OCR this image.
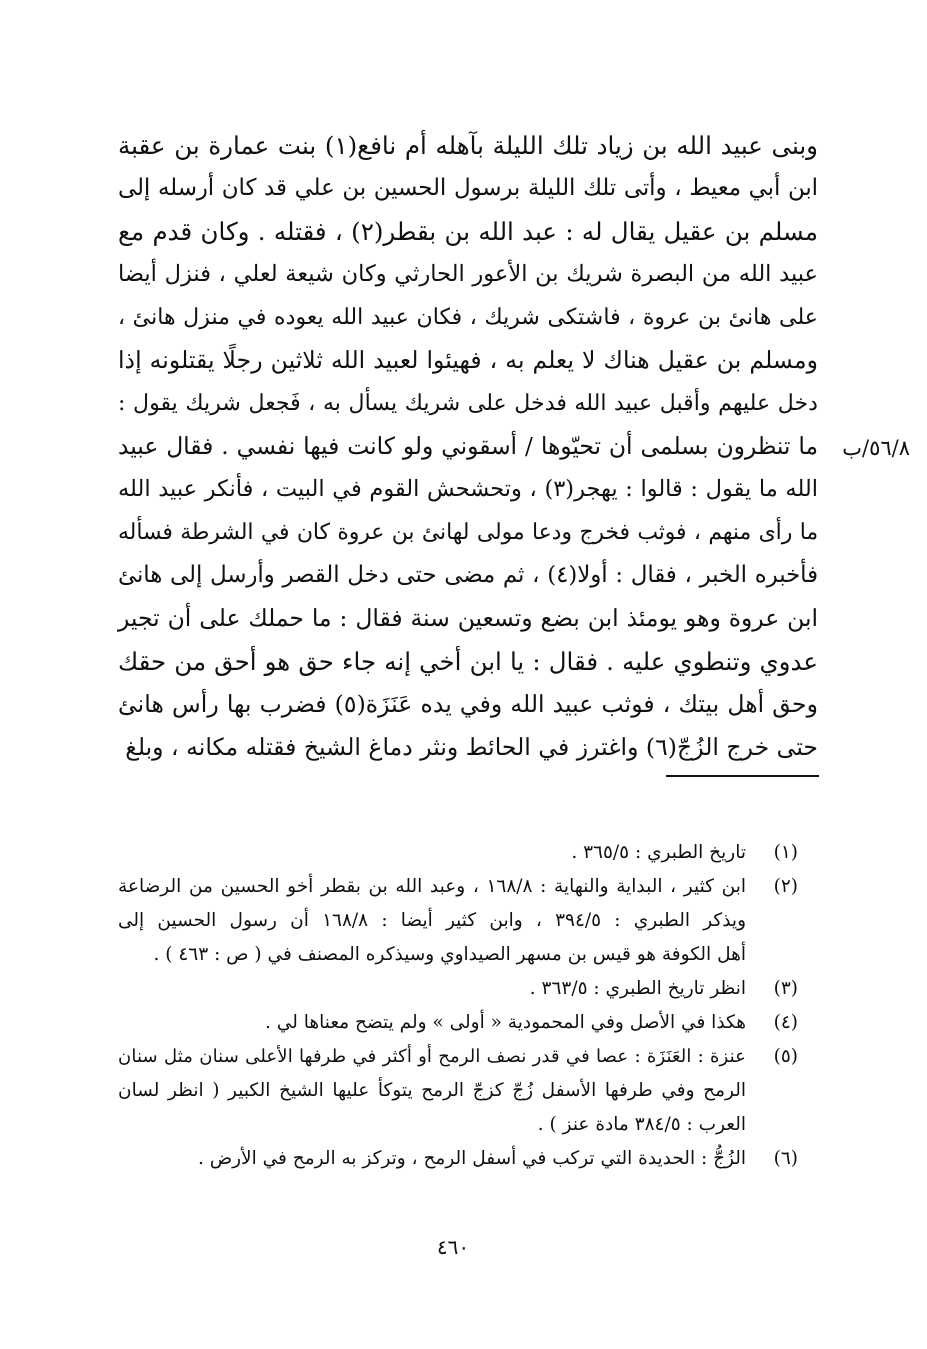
وبنى عبيد الله بن زياد تلك الليلة بآهله أم نافع(١) بنت عمارة بن عقبة
ابن أبي معيط ، وأتى تلك الليلة برسول الحسين بن علي قد كان أرسله إلى
مسلم بن عقيل يقال له : عبد الله بن بقطر(٢) ، فقتله . وكان قدم مع
عبيد الله من البصرة شريك بن الأعور الحارثي وكان شيعة لعلي ، فنزل أيضا
على هانئ بن عروة ، فاشتكى شريك ، فكان عبيد الله يعوده في منزل هانئ ،
ومسلم بن عقيل هناك لا يعلم به ، فهيئوا لعبيد الله ثلاثين رجلًا يقتلونه إذا
دخل عليهم وأقبل عبيد الله فدخل على شريك يسأل به ، فَجعل شريك يقول :
ما تنظرون بسلمى أن تحيّوها / أسقوني ولو كانت فيها نفسي . فقال عبيد
الله ما يقول : قالوا : يهجر(٣) ، وتحشحش القوم في البيت ، فأنكر عبيد الله
ما رأى منهم ، فوثب فخرج ودعا مولى لهانئ بن عروة كان في الشرطة فسأله
فأخبره الخبر ، فقال : أولا(٤) ، ثم مضى حتى دخل القصر وأرسل إلى هانئ
ابن عروة وهو يومئذ ابن بضع وتسعين سنة فقال : ما حملك على أن تجير
عدوي وتنطوي عليه . فقال : يا ابن أخي إنه جاء حق هو أحق من حقك
وحق أهل بيتك ، فوثب عبيد الله وفي يده عَنَزَة(٥) فضرب بها رأس هانئ
حتى خرج الزُجّ(٦) واغترز في الحائط ونثر دماغ الشيخ فقتله مكانه ، وبلغ
٥٦/٨/ب
(١)
تاريخ الطبري : ٣٦٥/٥ .
(٢)
ابن كثير ، البداية والنهاية : ١٦٨/٨ ، وعبد الله بن بقطر أخو الحسين من الرضاعة
ويذكر الطبري : ٣٩٤/٥ ، وابن كثير أيضا : ١٦٨/٨ أن رسول الحسين إلى
أهل الكوفة هو قيس بن مسهر الصيداوي وسيذكره المصنف في ( ص : ٤٦٣ ) .
(٣)
انظر تاريخ الطبري : ٣٦٣/٥ .
(٤)
هكذا في الأصل وفي المحمودية « أولى » ولم يتضح معناها لي .
(٥)
عنزة : العَنَزَة : عصا في قدر نصف الرمح أو أكثر في طرفها الأعلى سنان مثل سنان
الرمح وفي طرفها الأسفل زُجّ كزجّ الرمح يتوكأ عليها الشيخ الكبير ( انظر لسان
العرب : ٣٨٤/٥ مادة عنز ) .
(٦)
الزُجُّ : الحديدة التي تركب في أسفل الرمح ، وتركز به الرمح في الأرض .
٤٦٠
